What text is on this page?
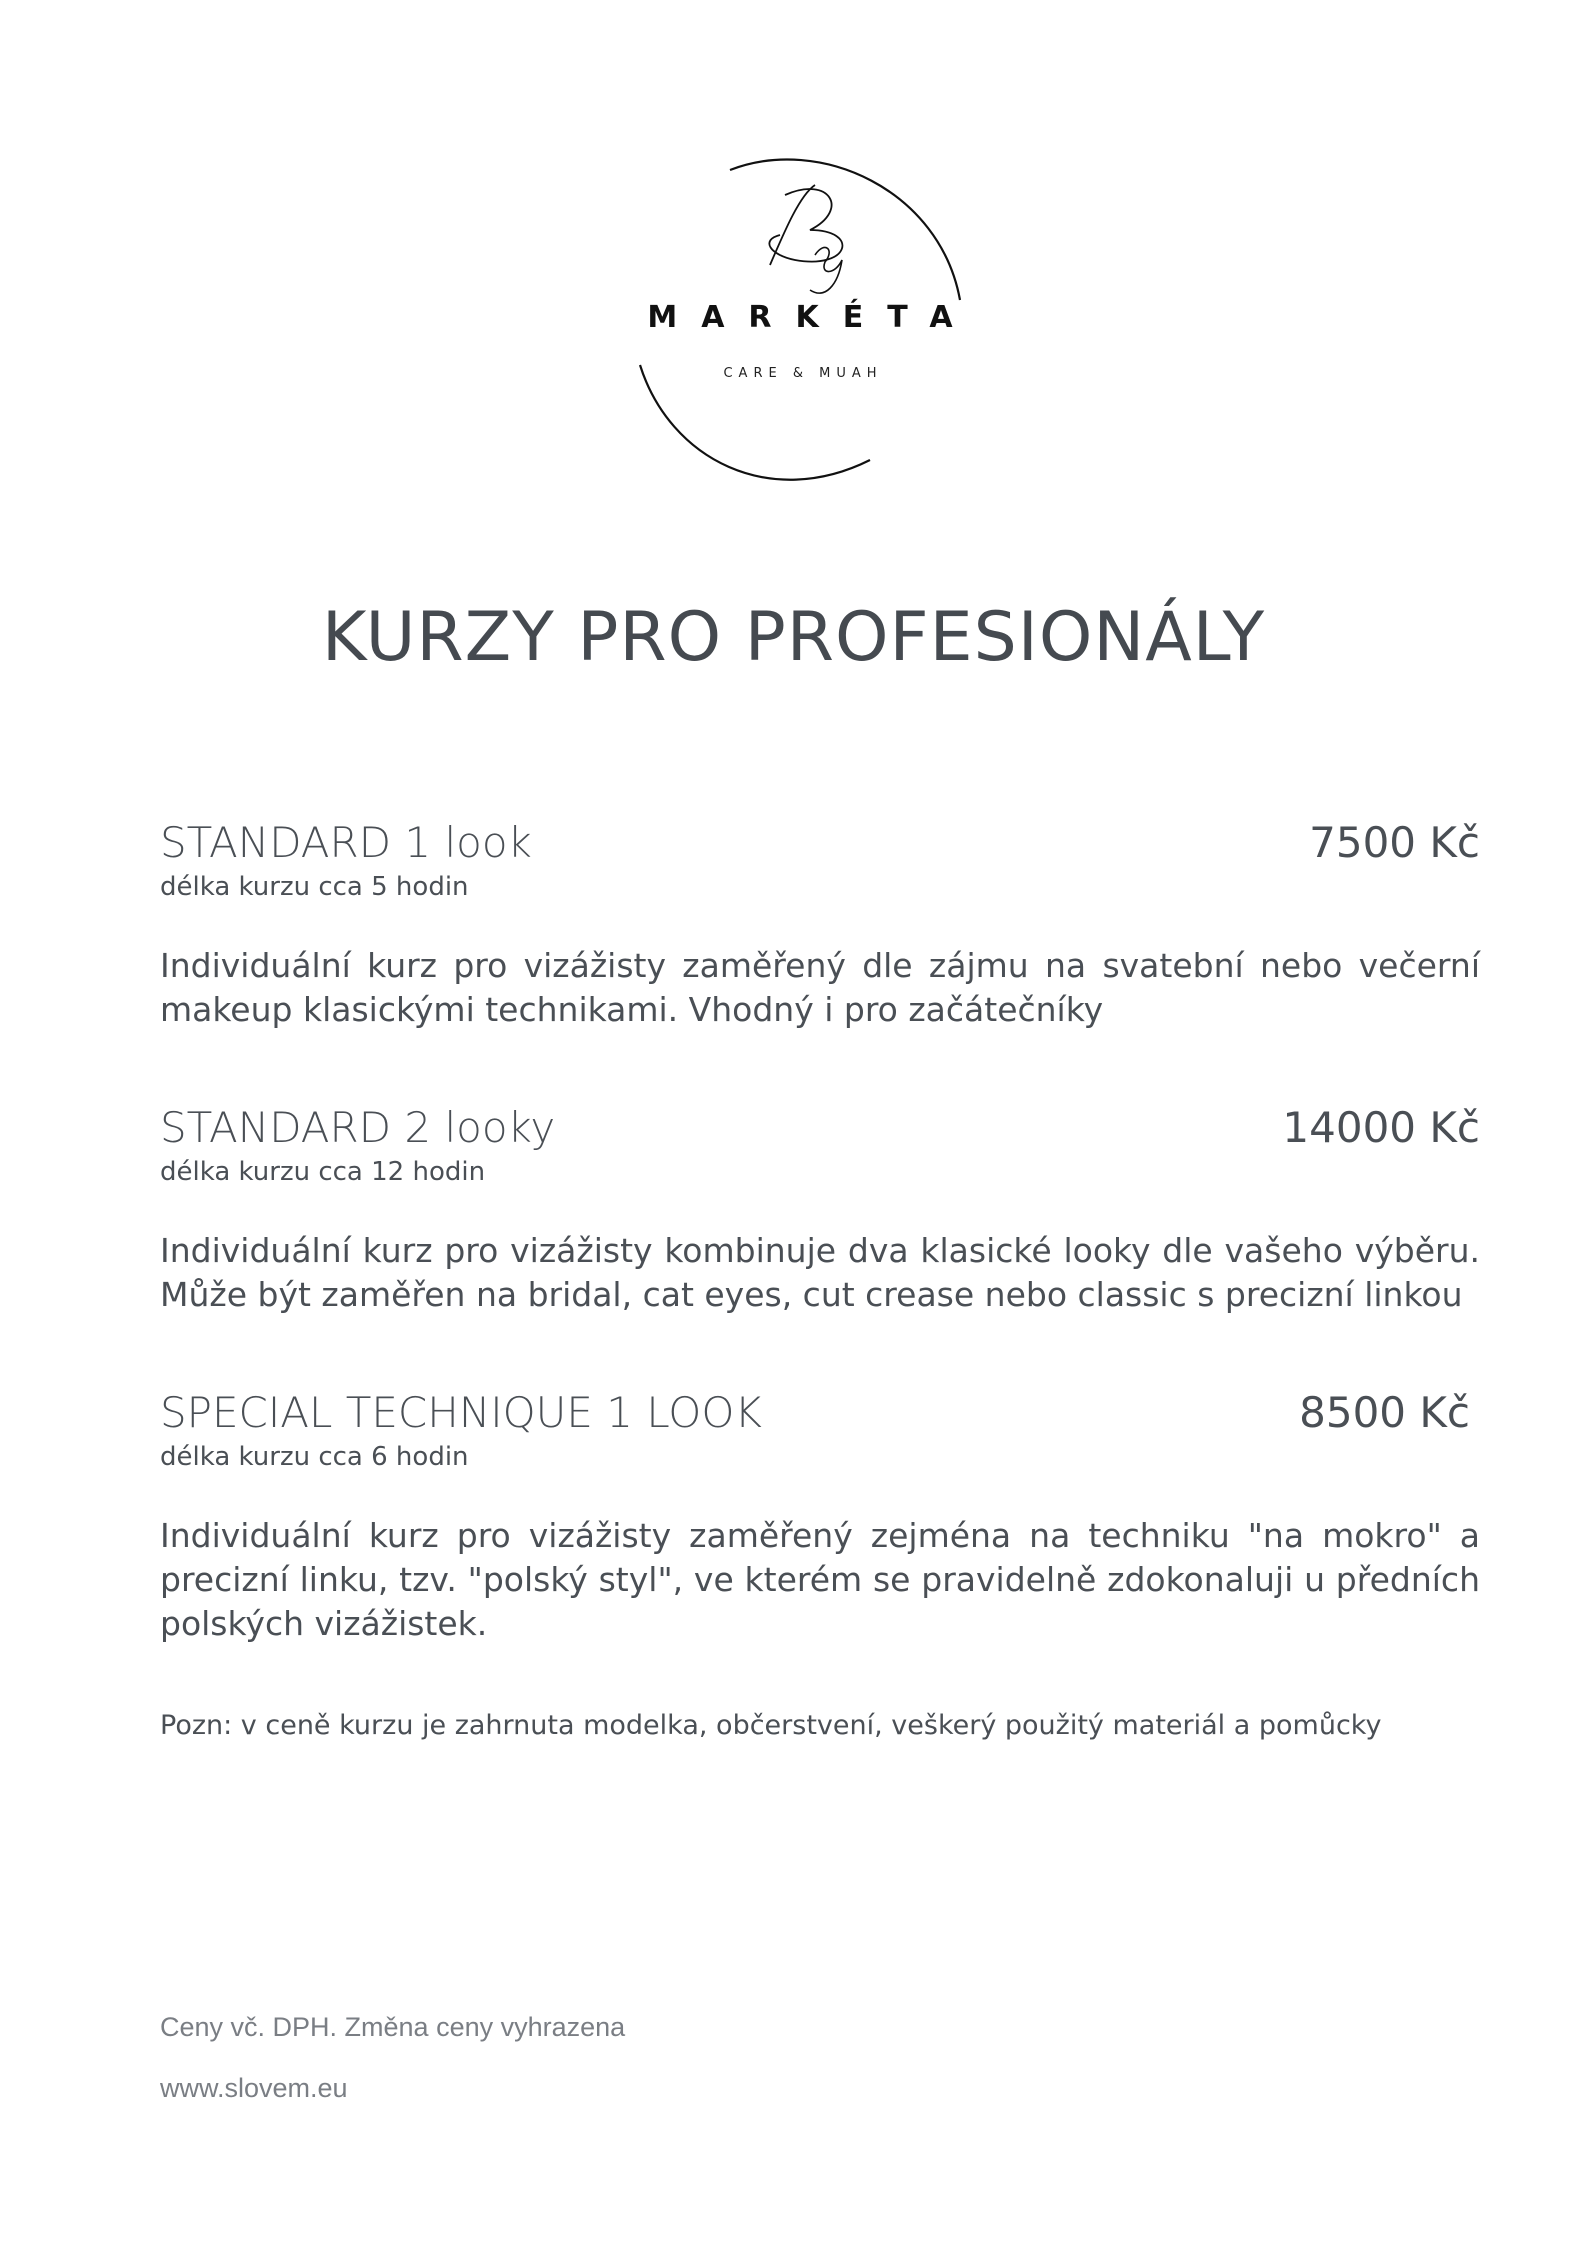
MARKÉTA
CARE & MUAH
KURZY PRO PROFESIONÁLY
STANDARD 1 look	7500 Kč
délka kurzu cca 5 hodin
Individuální kurz pro vizážisty zaměřený dle zájmu na svatební nebo večerní makeup klasickými technikami. Vhodný i pro začátečníky
STANDARD 2 looky	14000 Kč
délka kurzu cca 12 hodin
Individuální kurz pro vizážisty kombinuje dva klasické looky dle vašeho výběru. Může být zaměřen na bridal, cat eyes, cut crease nebo classic s precizní linkou
SPECIAL TECHNIQUE 1 LOOK	8500 Kč
délka kurzu cca 6 hodin
Individuální kurz pro vizážisty zaměřený zejména na techniku "na mokro" a precizní linku, tzv. "polský styl", ve kterém se pravidelně zdokonaluji u předních polských vizážistek.
Pozn: v ceně kurzu je zahrnuta modelka, občerstvení, veškerý použitý materiál a pomůcky
Ceny vč. DPH. Změna ceny vyhrazena
www.slovem.eu
